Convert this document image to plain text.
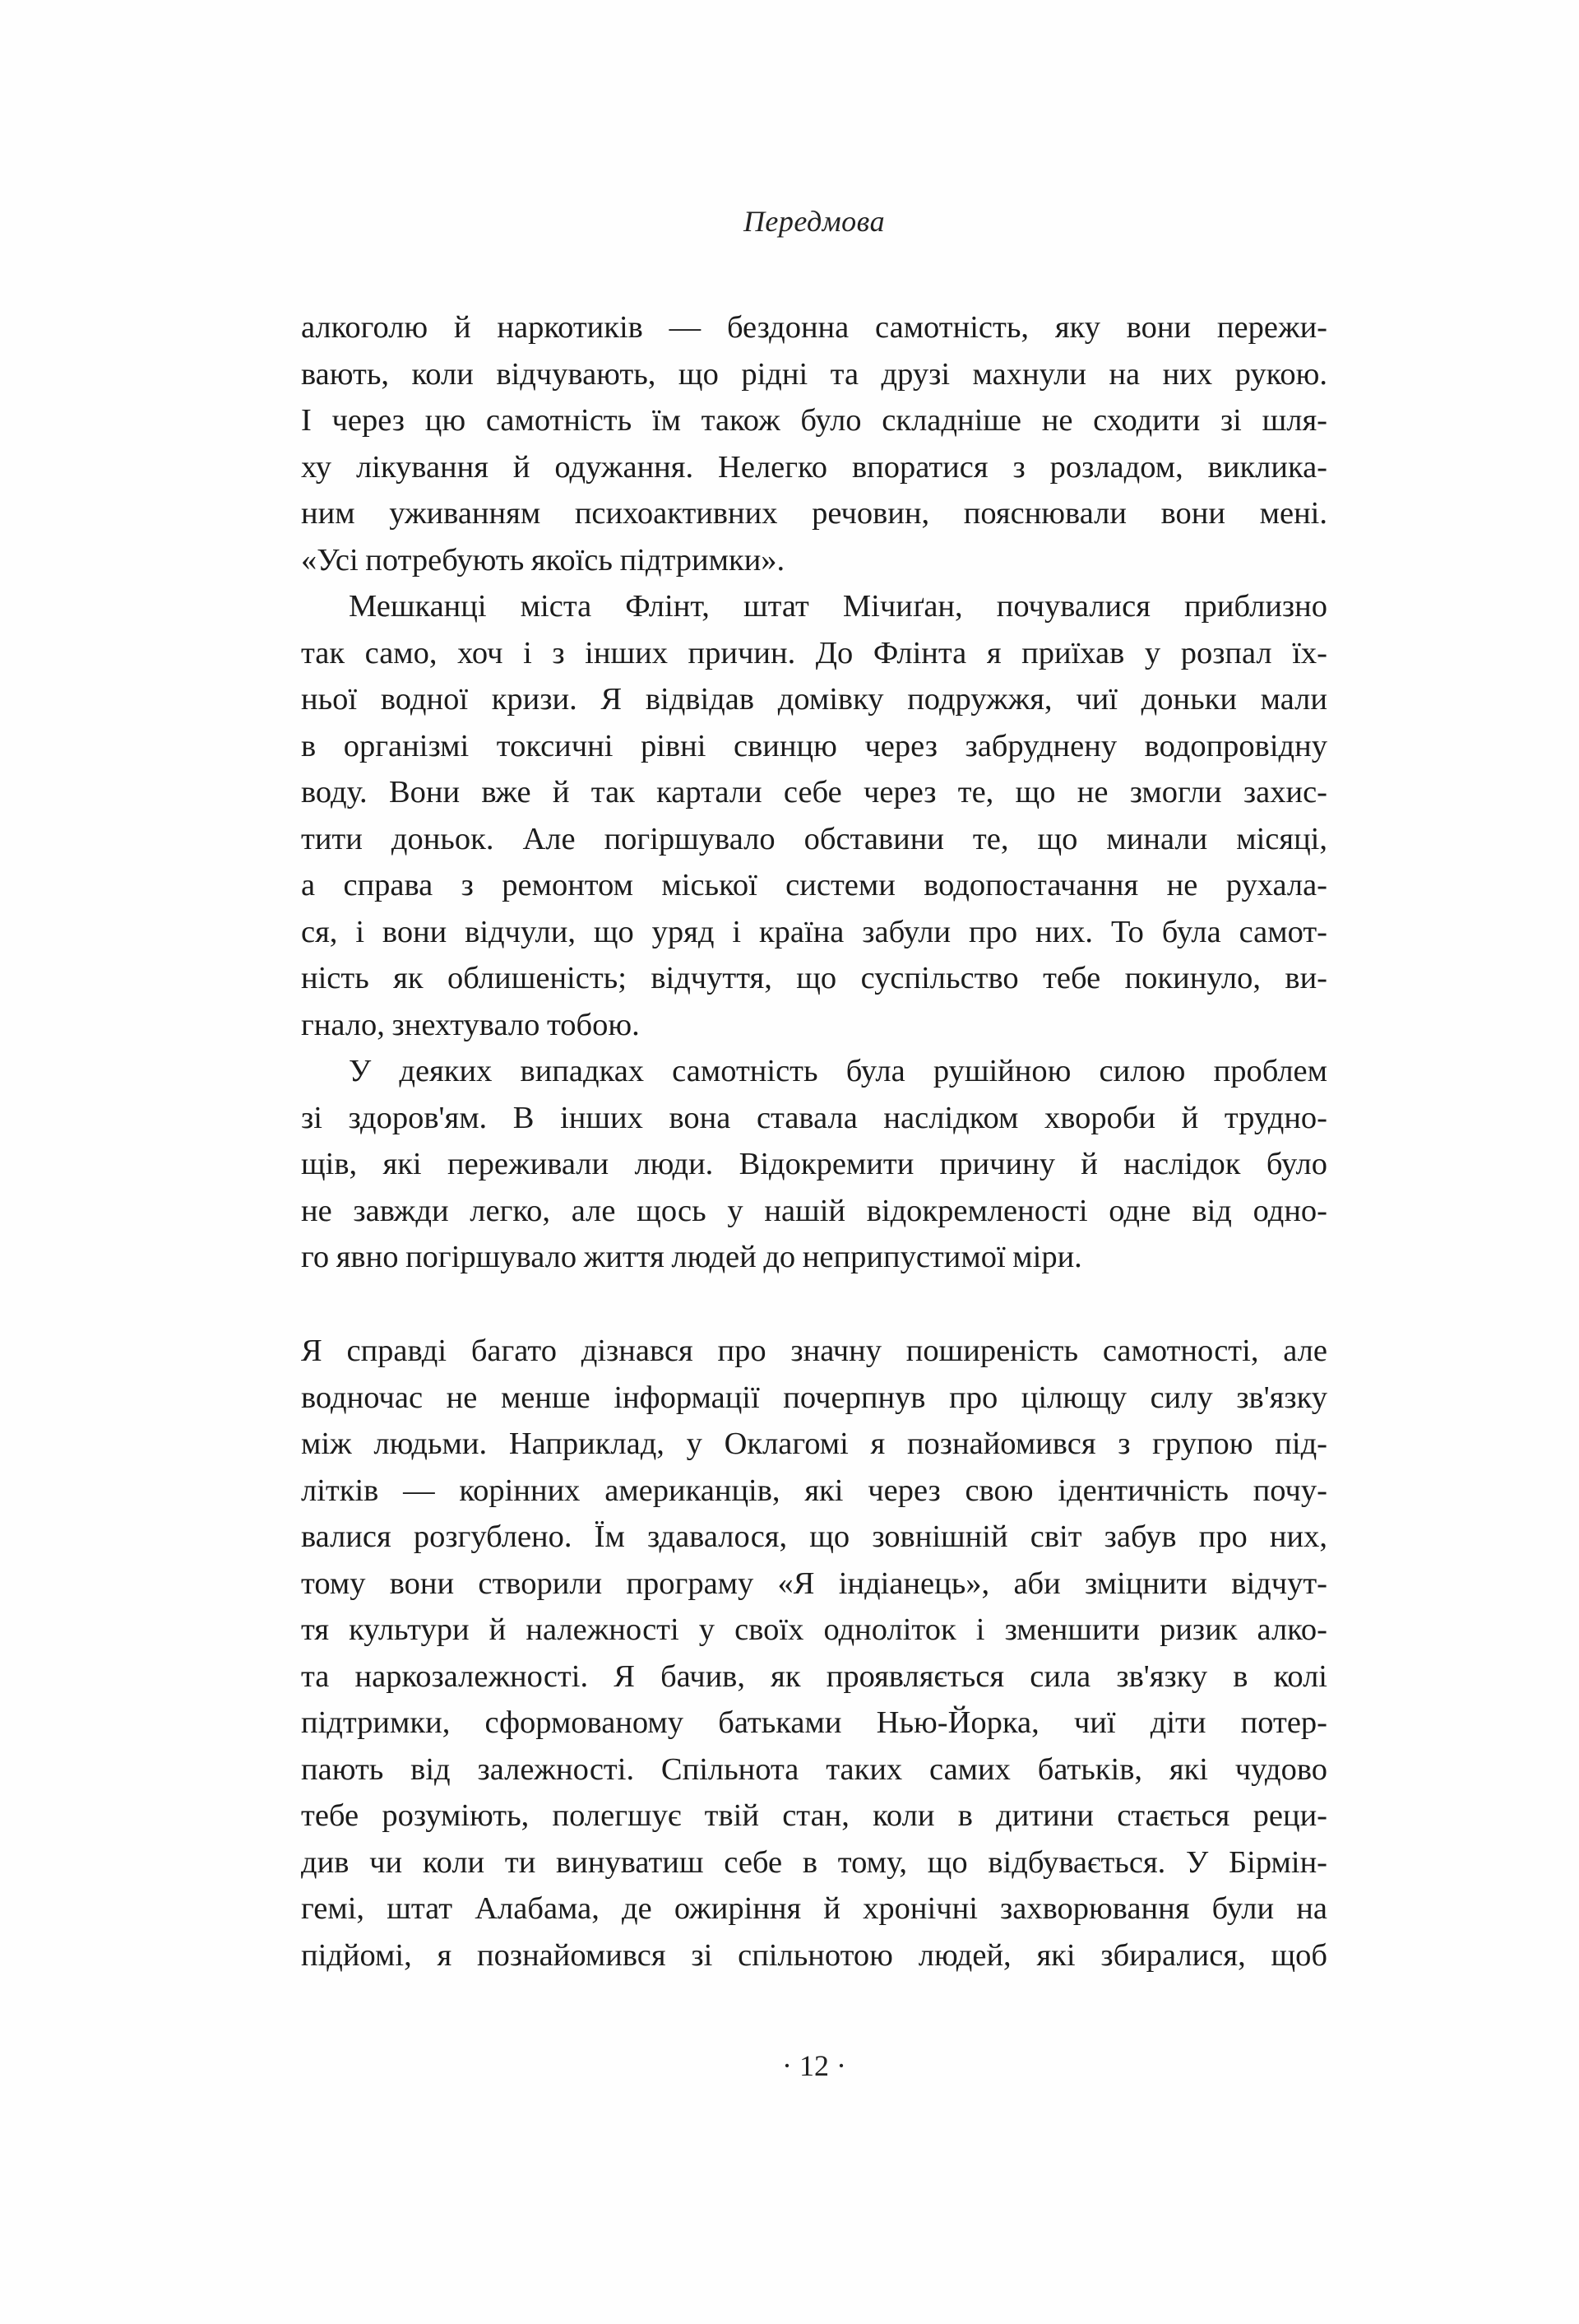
Передмова
алкоголю й наркотиків — бездонна самотність, яку вони пережи-
вають, коли відчувають, що рідні та друзі махнули на них рукою.
І через цю самотність їм також було складніше не сходити зі шля-
ху лікування й одужання. Нелегко впоратися з розладом, виклика-
ним уживанням психоактивних речовин, пояснювали вони мені.
«Усі потребують якоїсь підтримки».
Мешканці міста Флінт, штат Мічиґан, почувалися приблизно
так само, хоч і з інших причин. До Флінта я приїхав у розпал їх-
ньої водної кризи. Я відвідав домівку подружжя, чиї доньки мали
в організмі токсичні рівні свинцю через забруднену водопровідну
воду. Вони вже й так картали себе через те, що не змогли захис-
тити доньок. Але погіршувало обставини те, що минали місяці,
а справа з ремонтом міської системи водопостачання не рухала-
ся, і вони відчули, що уряд і країна забули про них. То була самот-
ність як облишеність; відчуття, що суспільство тебе покинуло, ви-
гнало, знехтувало тобою.
У деяких випадках самотність була рушійною силою проблем
зі здоров'ям. В інших вона ставала наслідком хвороби й трудно-
щів, які переживали люди. Відокремити причину й наслідок було
не завжди легко, але щось у нашій відокремленості одне від одно-
го явно погіршувало життя людей до неприпустимої міри.
Я справді багато дізнався про значну поширеність самотності, але
водночас не менше інформації почерпнув про цілющу силу зв'язку
між людьми. Наприклад, у Оклагомі я познайомився з групою під-
літків — корінних американців, які через свою ідентичність почу-
валися розгублено. Їм здавалося, що зовнішній світ забув про них,
тому вони створили програму «Я індіанець», аби зміцнити відчут-
тя культури й належності у своїх одноліток і зменшити ризик алко-
та наркозалежності. Я бачив, як проявляється сила зв'язку в колі
підтримки, сформованому батьками Нью-Йорка, чиї діти потер-
пають від залежності. Спільнота таких самих батьків, які чудово
тебе розуміють, полегшує твій стан, коли в дитини стається реци-
див чи коли ти винуватиш себе в тому, що відбувається. У Бірмін-
гемі, штат Алабама, де ожиріння й хронічні захворювання були на
підйомі, я познайомився зі спільнотою людей, які збиралися, щоб
· 12 ·
